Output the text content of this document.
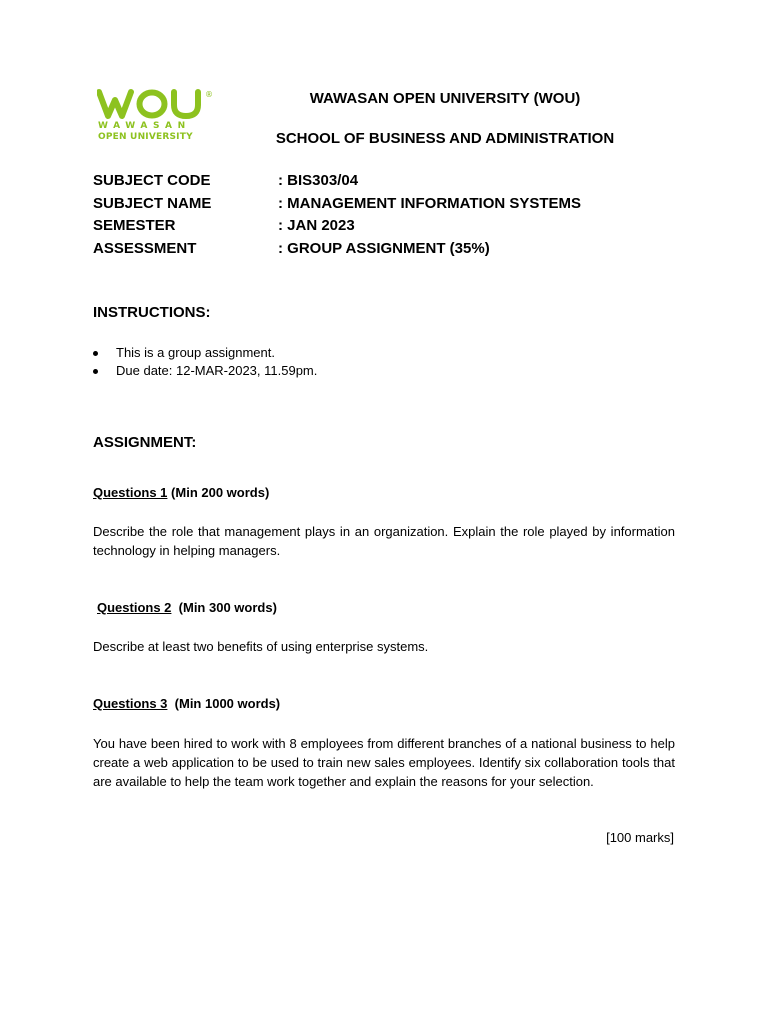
®
WAWASAN
OPEN UNIVERSITY
WAWASAN OPEN UNIVERSITY (WOU)
SCHOOL OF BUSINESS AND ADMINISTRATION
SUBJECT CODE	: BIS303/04
SUBJECT NAME	: MANAGEMENT INFORMATION SYSTEMS
SEMESTER	: JAN 2023
ASSESSMENT	: GROUP ASSIGNMENT (35%)
INSTRUCTIONS:
This is a group assignment.
Due date: 12-MAR-2023, 11.59pm.
ASSIGNMENT:
Questions 1 (Min 200 words)
Describe the role that management plays in an organization. Explain the role played by information technology in helping managers.
Questions 2 (Min 300 words)
Describe at least two benefits of using enterprise systems.
Questions 3 (Min 1000 words)
You have been hired to work with 8 employees from different branches of a national business to help create a web application to be used to train new sales employees. Identify six collaboration tools that are available to help the team work together and explain the reasons for your selection.
[100 marks]
